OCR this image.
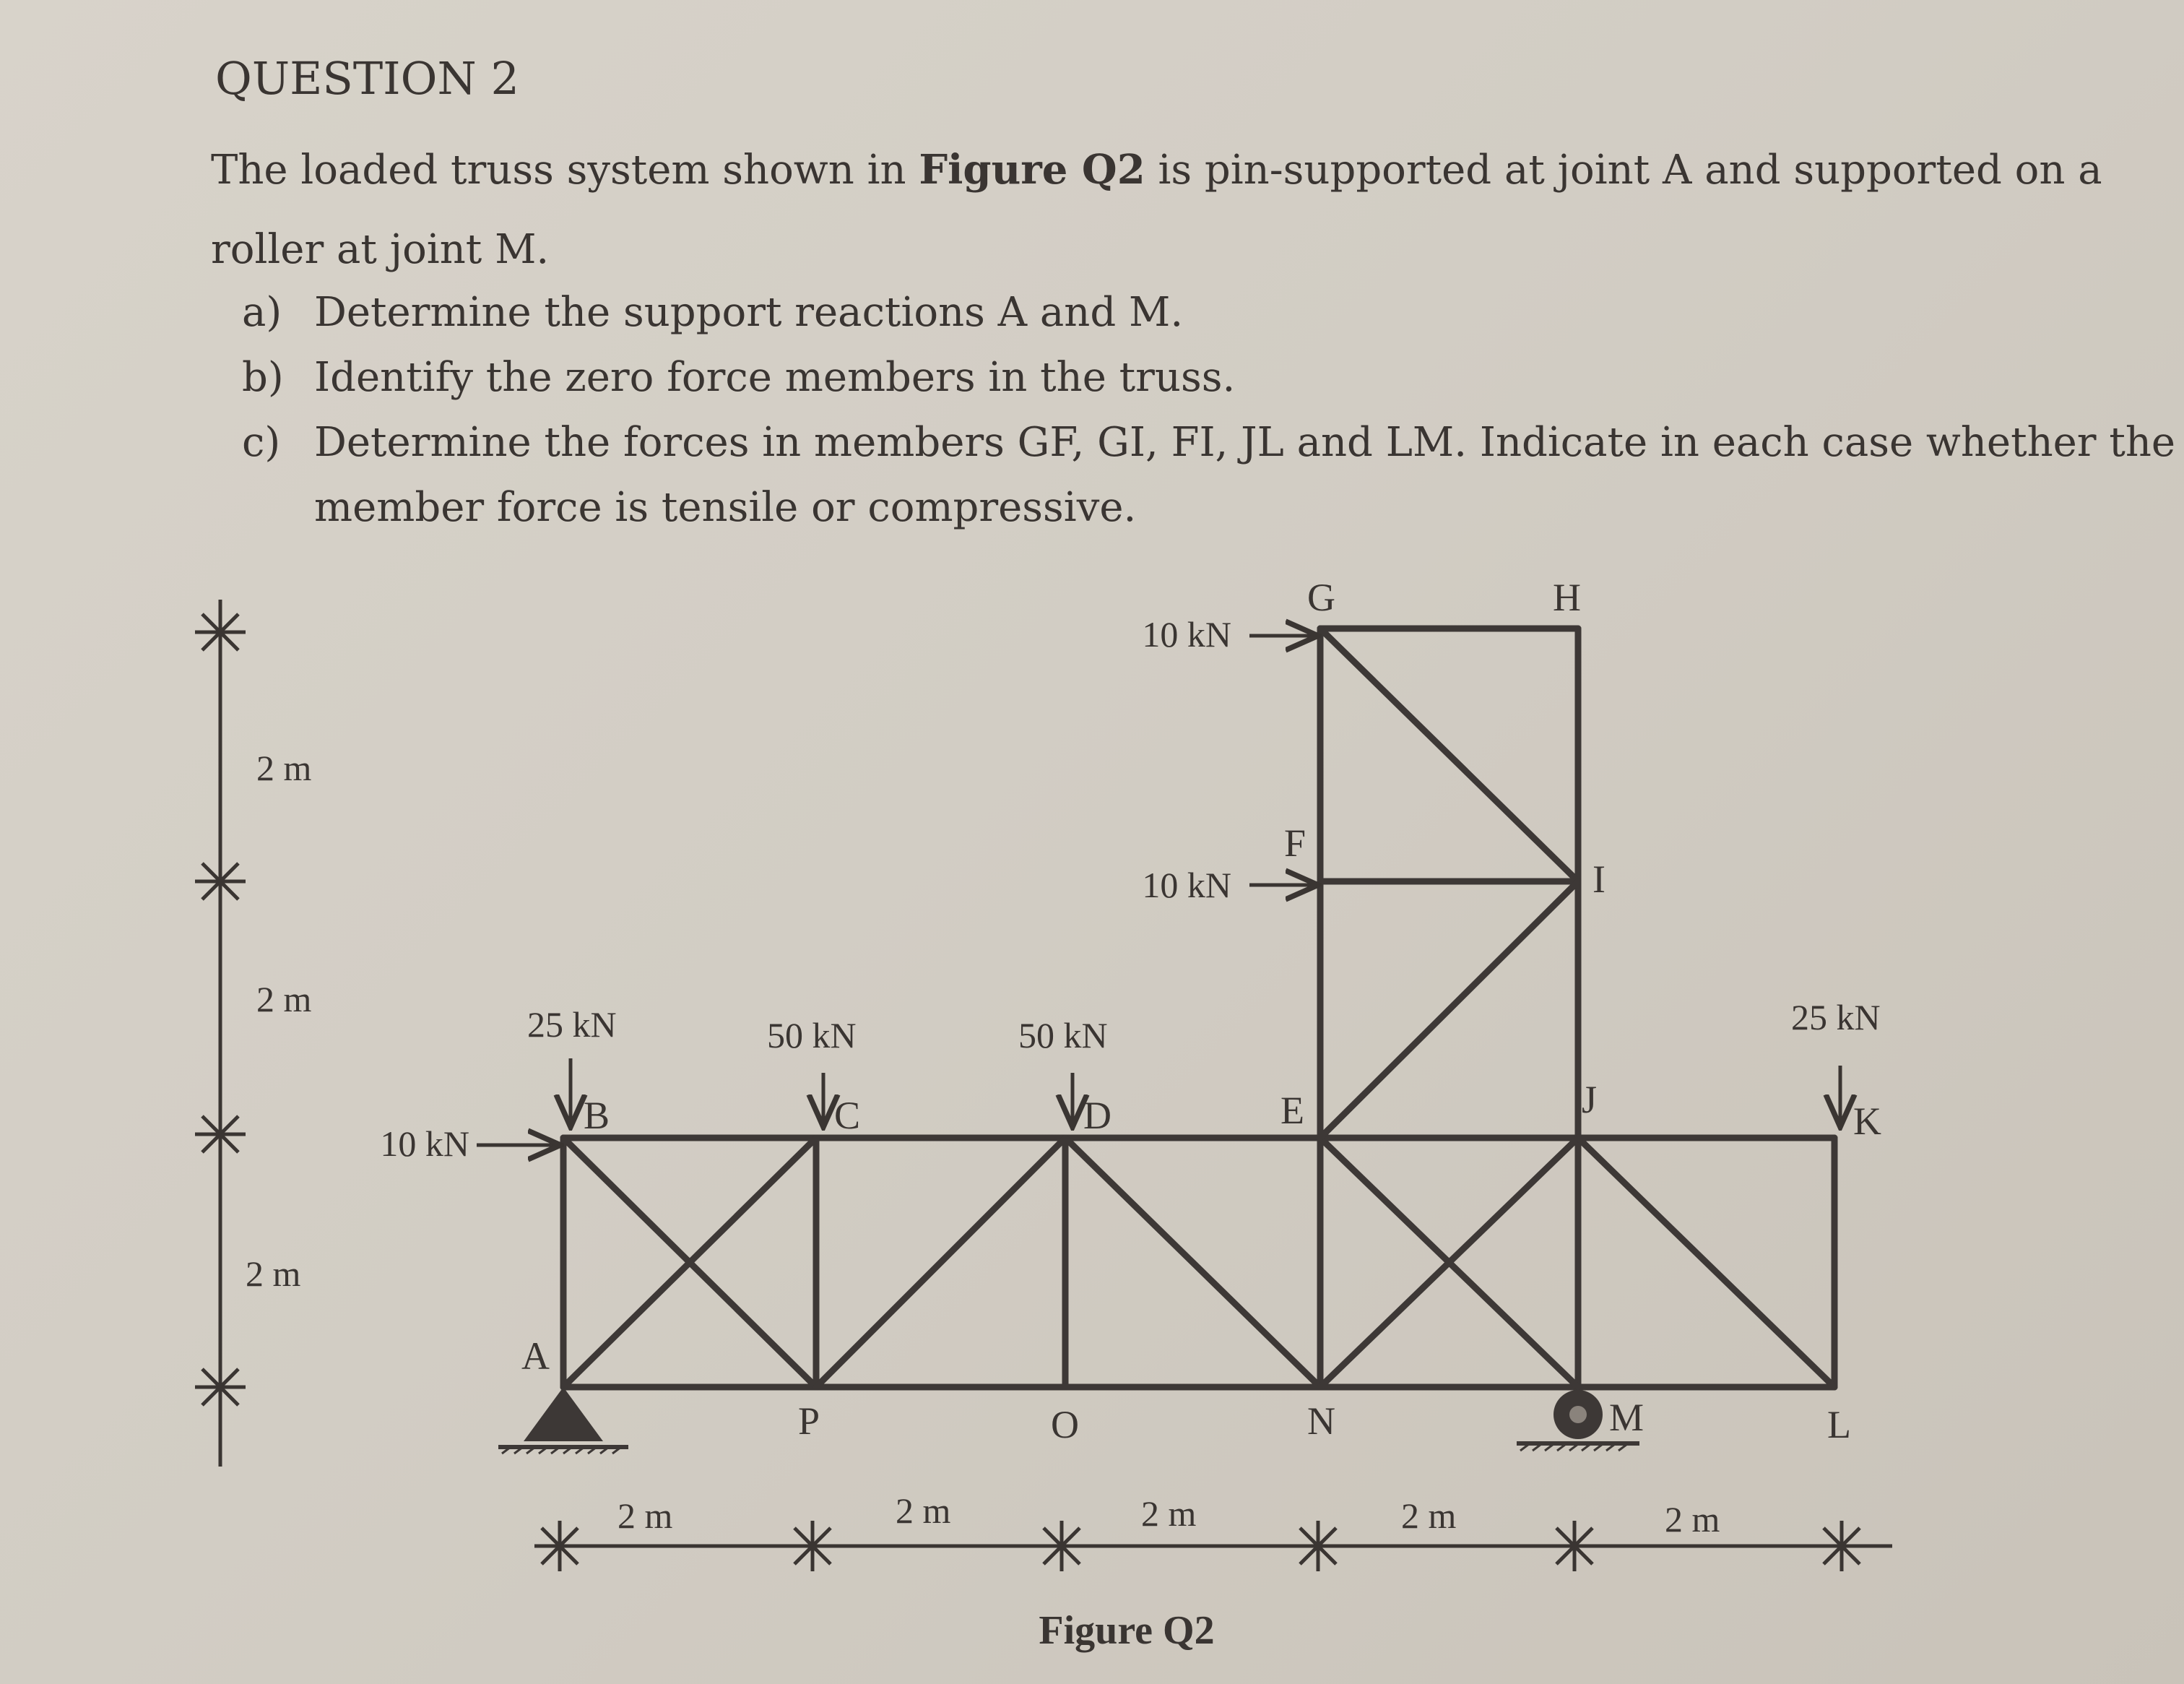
QUESTION 2

The loaded truss system shown in Figure Q2 is pin-supported at joint A and supported on a roller at joint M.

a) Determine the support reactions A and M.
b) Identify the zero force members in the truss.
c) Determine the forces in members GF, GI, FI, JL and LM. Indicate in each case whether the
member force is tensile or compressive.
10 kN
10 kN
10 kN
25 kN	50 kN	50 kN	25 kN
A
B	C	D	E
F
G	H
I
J	K
L
M
N
O
P
2 m
2 m
2 m
2 m	2 m	2 m	2 m	2 m
Figure Q2
